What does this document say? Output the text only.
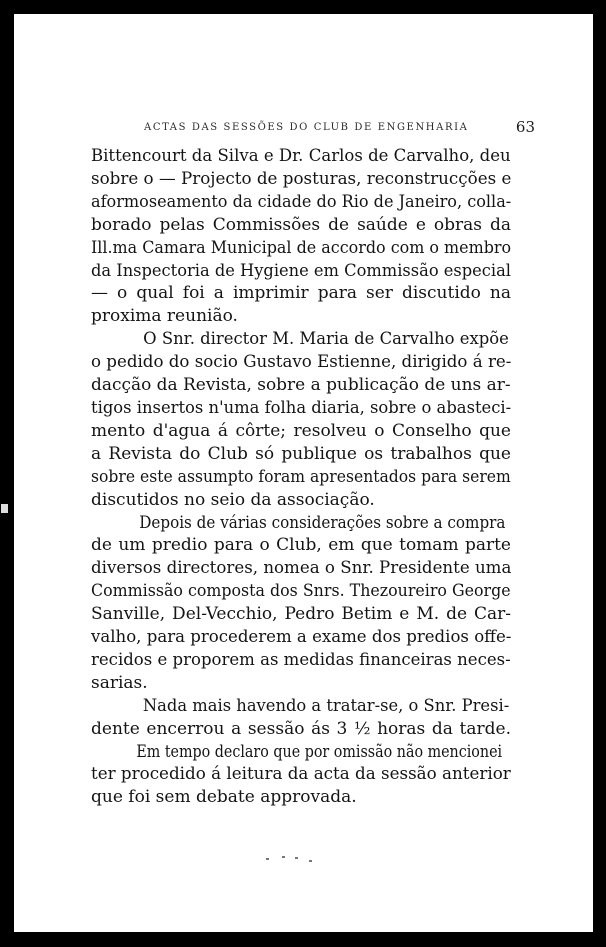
ACTAS DAS SESSÕES DO CLUB DE ENGENHARIA	63
Bittencourt da Silva e Dr. Carlos de Carvalho, deu
sobre o — Projecto de posturas, reconstrucções e
aformoseamento da cidade do Rio de Janeiro, colla-
borado pelas Commissões de saúde e obras da
Ill.ma Camara Municipal de accordo com o membro
da Inspectoria de Hygiene em Commissão especial
— o qual foi a imprimir para ser discutido na
proxima reunião.
O Snr. director M. Maria de Carvalho expõe
o pedido do socio Gustavo Estienne, dirigido á re-
dacção da Revista, sobre a publicação de uns ar-
tigos insertos n'uma folha diaria, sobre o abasteci-
mento d'agua á côrte; resolveu o Conselho que
a Revista do Club só publique os trabalhos que
sobre este assumpto foram apresentados para serem
discutidos no seio da associação.
Depois de várias considerações sobre a compra
de um predio para o Club, em que tomam parte
diversos directores, nomea o Snr. Presidente uma
Commissão composta dos Snrs. Thezoureiro George
Sanville, Del-Vecchio, Pedro Betim e M. de Car-
valho, para procederem a exame dos predios offe-
recidos e proporem as medidas financeiras neces-
sarias.
Nada mais havendo a tratar-se, o Snr. Presi-
dente encerrou a sessão ás 3 ½ horas da tarde.
Em tempo declaro que por omissão não mencionei
ter procedido á leitura da acta da sessão anterior
que foi sem debate approvada.
